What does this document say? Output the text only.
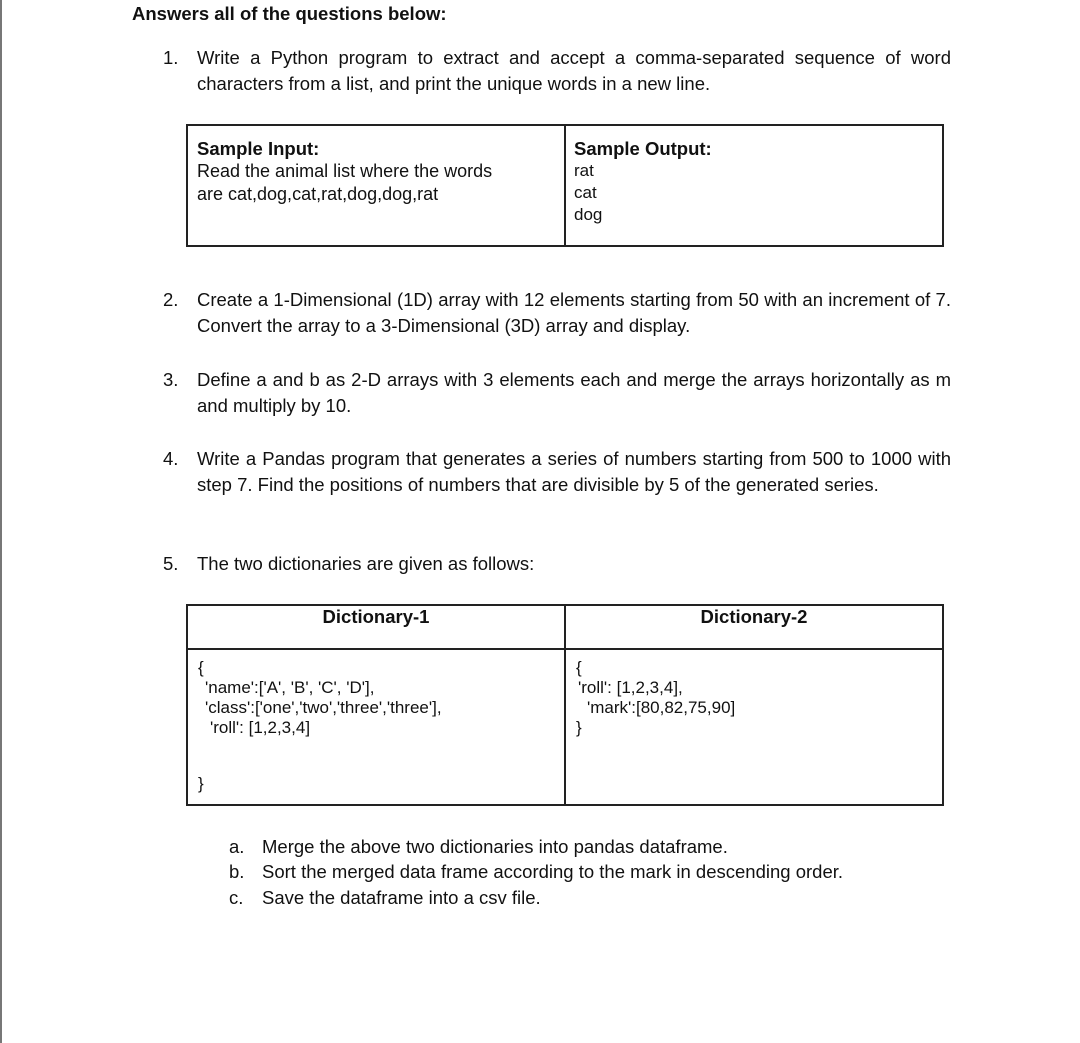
Answers all of the questions below:
1.	Write a Python program to extract and accept a comma-separated sequence of word characters from a list, and print the unique words in a new line.
Sample Input:
Read the animal list where the words
are cat,dog,cat,rat,dog,dog,rat

Sample Output:
rat
cat
dog
2.	Create a 1-Dimensional (1D) array with 12 elements starting from 50 with an increment of 7. Convert the array to a 3-Dimensional (3D) array and display.
3.	Define a and b as 2-D arrays with 3 elements each and merge the arrays horizontally as m and multiply by 10.
4.	Write a Pandas program that generates a series of numbers starting from 500 to 1000 with step 7. Find the positions of numbers that are divisible by 5 of the generated series.
5.	The two dictionaries are given as follows:
Dictionary-1	Dictionary-2

{
'name':['A', 'B', 'C', 'D'],
'class':['one','two','three','three'],
'roll': [1,2,3,4]
}	{
'roll': [1,2,3,4],
'mark':[80,82,75,90]
}
a. Merge the above two dictionaries into pandas dataframe.
b. Sort the merged data frame according to the mark in descending order.
c. Save the dataframe into a csv file.
